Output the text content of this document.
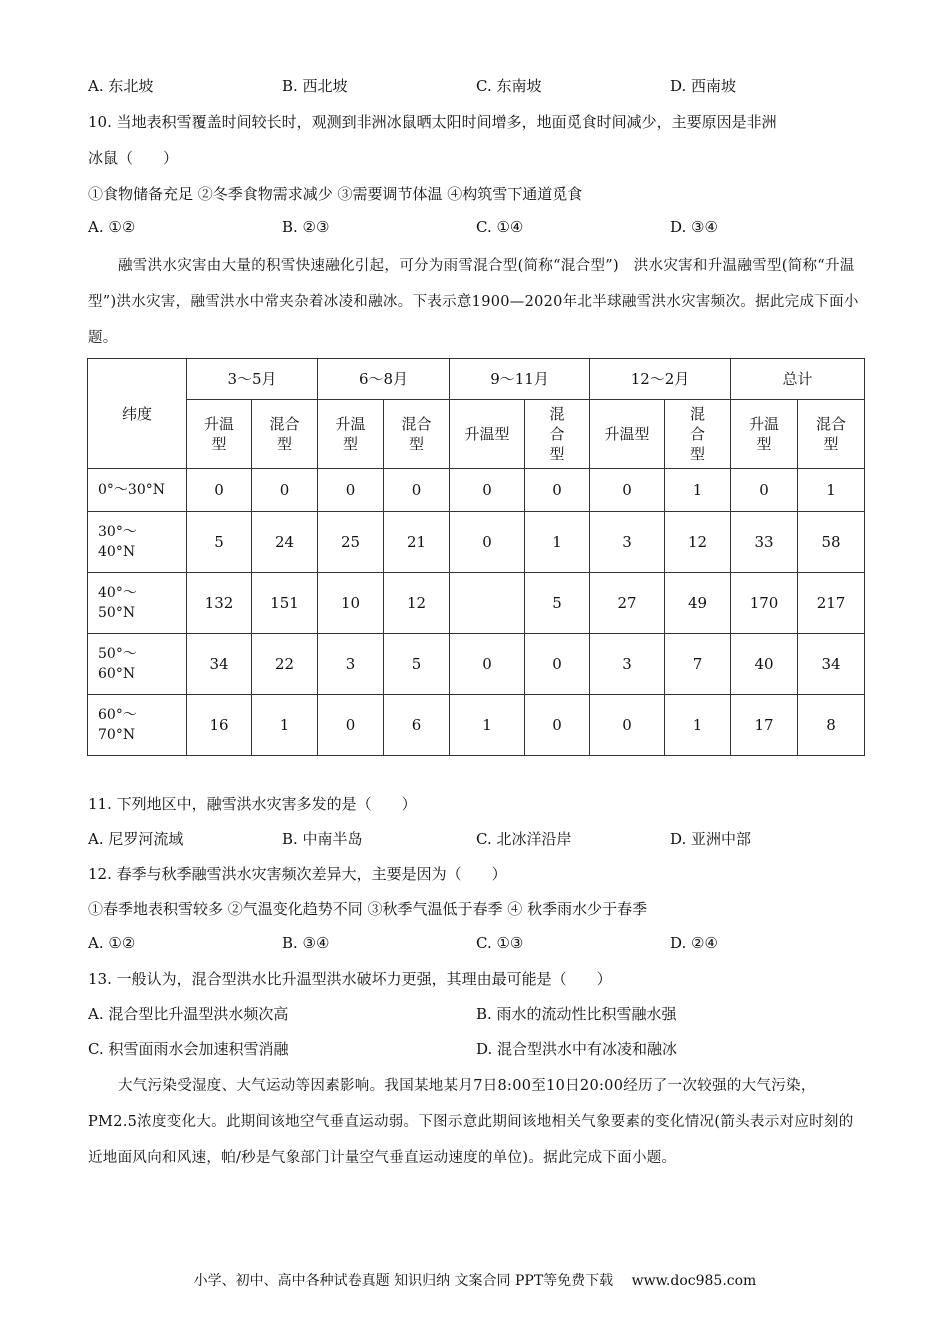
A. 东北坡	B. 西北坡	C. 东南坡	D. 西南坡
10. 当地表积雪覆盖时间较长时，观测到非洲冰鼠晒太阳时间增多，地面觅食时间减少，主要原因是非洲
冰鼠（　　）
①食物储备充足 ②冬季食物需求减少 ③需要调节体温 ④构筑雪下通道觅食
A. ①②	B. ②③	C. ①④	D. ③④
融雪洪水灾害由大量的积雪快速融化引起，可分为雨雪混合型(简称“混合型”)　洪水灾害和升温融雪型(简称“升温型”)洪水灾害，融雪洪水中常夹杂着冰凌和融冰。下表示意1900—2020年北半球融雪洪水灾害频次。据此完成下面小题。
纬度	3～5月		6～8月		9～11月		12～2月		总计	
	升温型	混合型	升温型	混合型	升温型	混合型	升温型	混合型	升温型	混合型
0°～30°N	0	0	0	0	0	0	0	1	0	1
30°～40°N	5	24	25	21	0	1	3	12	33	58
40°～50°N	132	151	10	12		5	27	49	170	217
50°～60°N	34	22	3	5	0	0	3	7	40	34
60°～70°N	16	1	0	6	1	0	0	1	17	8
11. 下列地区中，融雪洪水灾害多发的是（　　）
A. 尼罗河流域	B. 中南半岛	C. 北冰洋沿岸	D. 亚洲中部
12. 春季与秋季融雪洪水灾害频次差异大，主要是因为（　　）
①春季地表积雪较多 ②气温变化趋势不同 ③秋季气温低于春季 ④ 秋季雨水少于春季
A. ①②	B. ③④	C. ①③	D. ②④
13. 一般认为，混合型洪水比升温型洪水破坏力更强，其理由最可能是（　　）
A. 混合型比升温型洪水频次高	B. 雨水的流动性比积雪融水强
C. 积雪面雨水会加速积雪消融	D. 混合型洪水中有冰凌和融冰
大气污染受湿度、大气运动等因素影响。我国某地某月7日8:00至10日20:00经历了一次较强的大气污染，PM2.5浓度变化大。此期间该地空气垂直运动弱。下图示意此期间该地相关气象要素的变化情况(箭头表示对应时刻的近地面风向和风速，帕/秒是气象部门计量空气垂直运动速度的单位)。据此完成下面小题。
小学、初中、高中各种试卷真题 知识归纳 文案合同 PPT等免费下载　 www.doc985.com
